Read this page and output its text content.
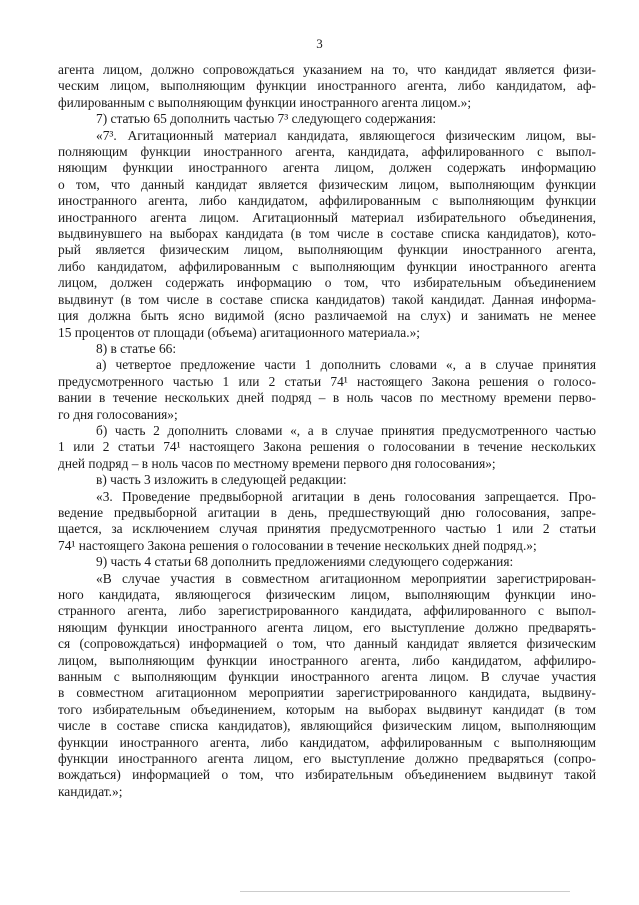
3
агента лицом, должно сопровождаться указанием на то, что кандидат является физи-
ческим лицом, выполняющим функции иностранного агента, либо кандидатом, аф-
филированным с выполняющим функции иностранного агента лицом.»;
7) статью 65 дополнить частью 7³ следующего содержания:
«7³. Агитационный материал кандидата, являющегося физическим лицом, вы-
полняющим функции иностранного агента, кандидата, аффилированного с выпол-
няющим функции иностранного агента лицом, должен содержать информацию
о том, что данный кандидат является физическим лицом, выполняющим функции
иностранного агента, либо кандидатом, аффилированным с выполняющим функции
иностранного агента лицом. Агитационный материал избирательного объединения,
выдвинувшего на выборах кандидата (в том числе в составе списка кандидатов), кото-
рый является физическим лицом, выполняющим функции иностранного агента,
либо кандидатом, аффилированным с выполняющим функции иностранного агента
лицом, должен содержать информацию о том, что избирательным объединением
выдвинут (в том числе в составе списка кандидатов) такой кандидат. Данная информа-
ция должна быть ясно видимой (ясно различаемой на слух) и занимать не менее
15 процентов от площади (объема) агитационного материала.»;
8) в статье 66:
а) четвертое предложение части 1 дополнить словами «, а в случае принятия
предусмотренного частью 1 или 2 статьи 74¹ настоящего Закона решения о голосо-
вании в течение нескольких дней подряд – в ноль часов по местному времени перво-
го дня голосования»;
б) часть 2 дополнить словами «, а в случае принятия предусмотренного частью
1 или 2 статьи 74¹ настоящего Закона решения о голосовании в течение нескольких
дней подряд – в ноль часов по местному времени первого дня голосования»;
в) часть 3 изложить в следующей редакции:
«3. Проведение предвыборной агитации в день голосования запрещается. Про-
ведение предвыборной агитации в день, предшествующий дню голосования, запре-
щается, за исключением случая принятия предусмотренного частью 1 или 2 статьи
74¹ настоящего Закона решения о голосовании в течение нескольких дней подряд.»;
9) часть 4 статьи 68 дополнить предложениями следующего содержания:
«В случае участия в совместном агитационном мероприятии зарегистрирован-
ного кандидата, являющегося физическим лицом, выполняющим функции ино-
странного агента, либо зарегистрированного кандидата, аффилированного с выпол-
няющим функции иностранного агента лицом, его выступление должно предварять-
ся (сопровождаться) информацией о том, что данный кандидат является физическим
лицом, выполняющим функции иностранного агента, либо кандидатом, аффилиро-
ванным с выполняющим функции иностранного агента лицом. В случае участия
в совместном агитационном мероприятии зарегистрированного кандидата, выдвину-
того избирательным объединением, которым на выборах выдвинут кандидат (в том
числе в составе списка кандидатов), являющийся физическим лицом, выполняющим
функции иностранного агента, либо кандидатом, аффилированным с выполняющим
функции иностранного агента лицом, его выступление должно предваряться (сопро-
вождаться) информацией о том, что избирательным объединением выдвинут такой
кандидат.»;
